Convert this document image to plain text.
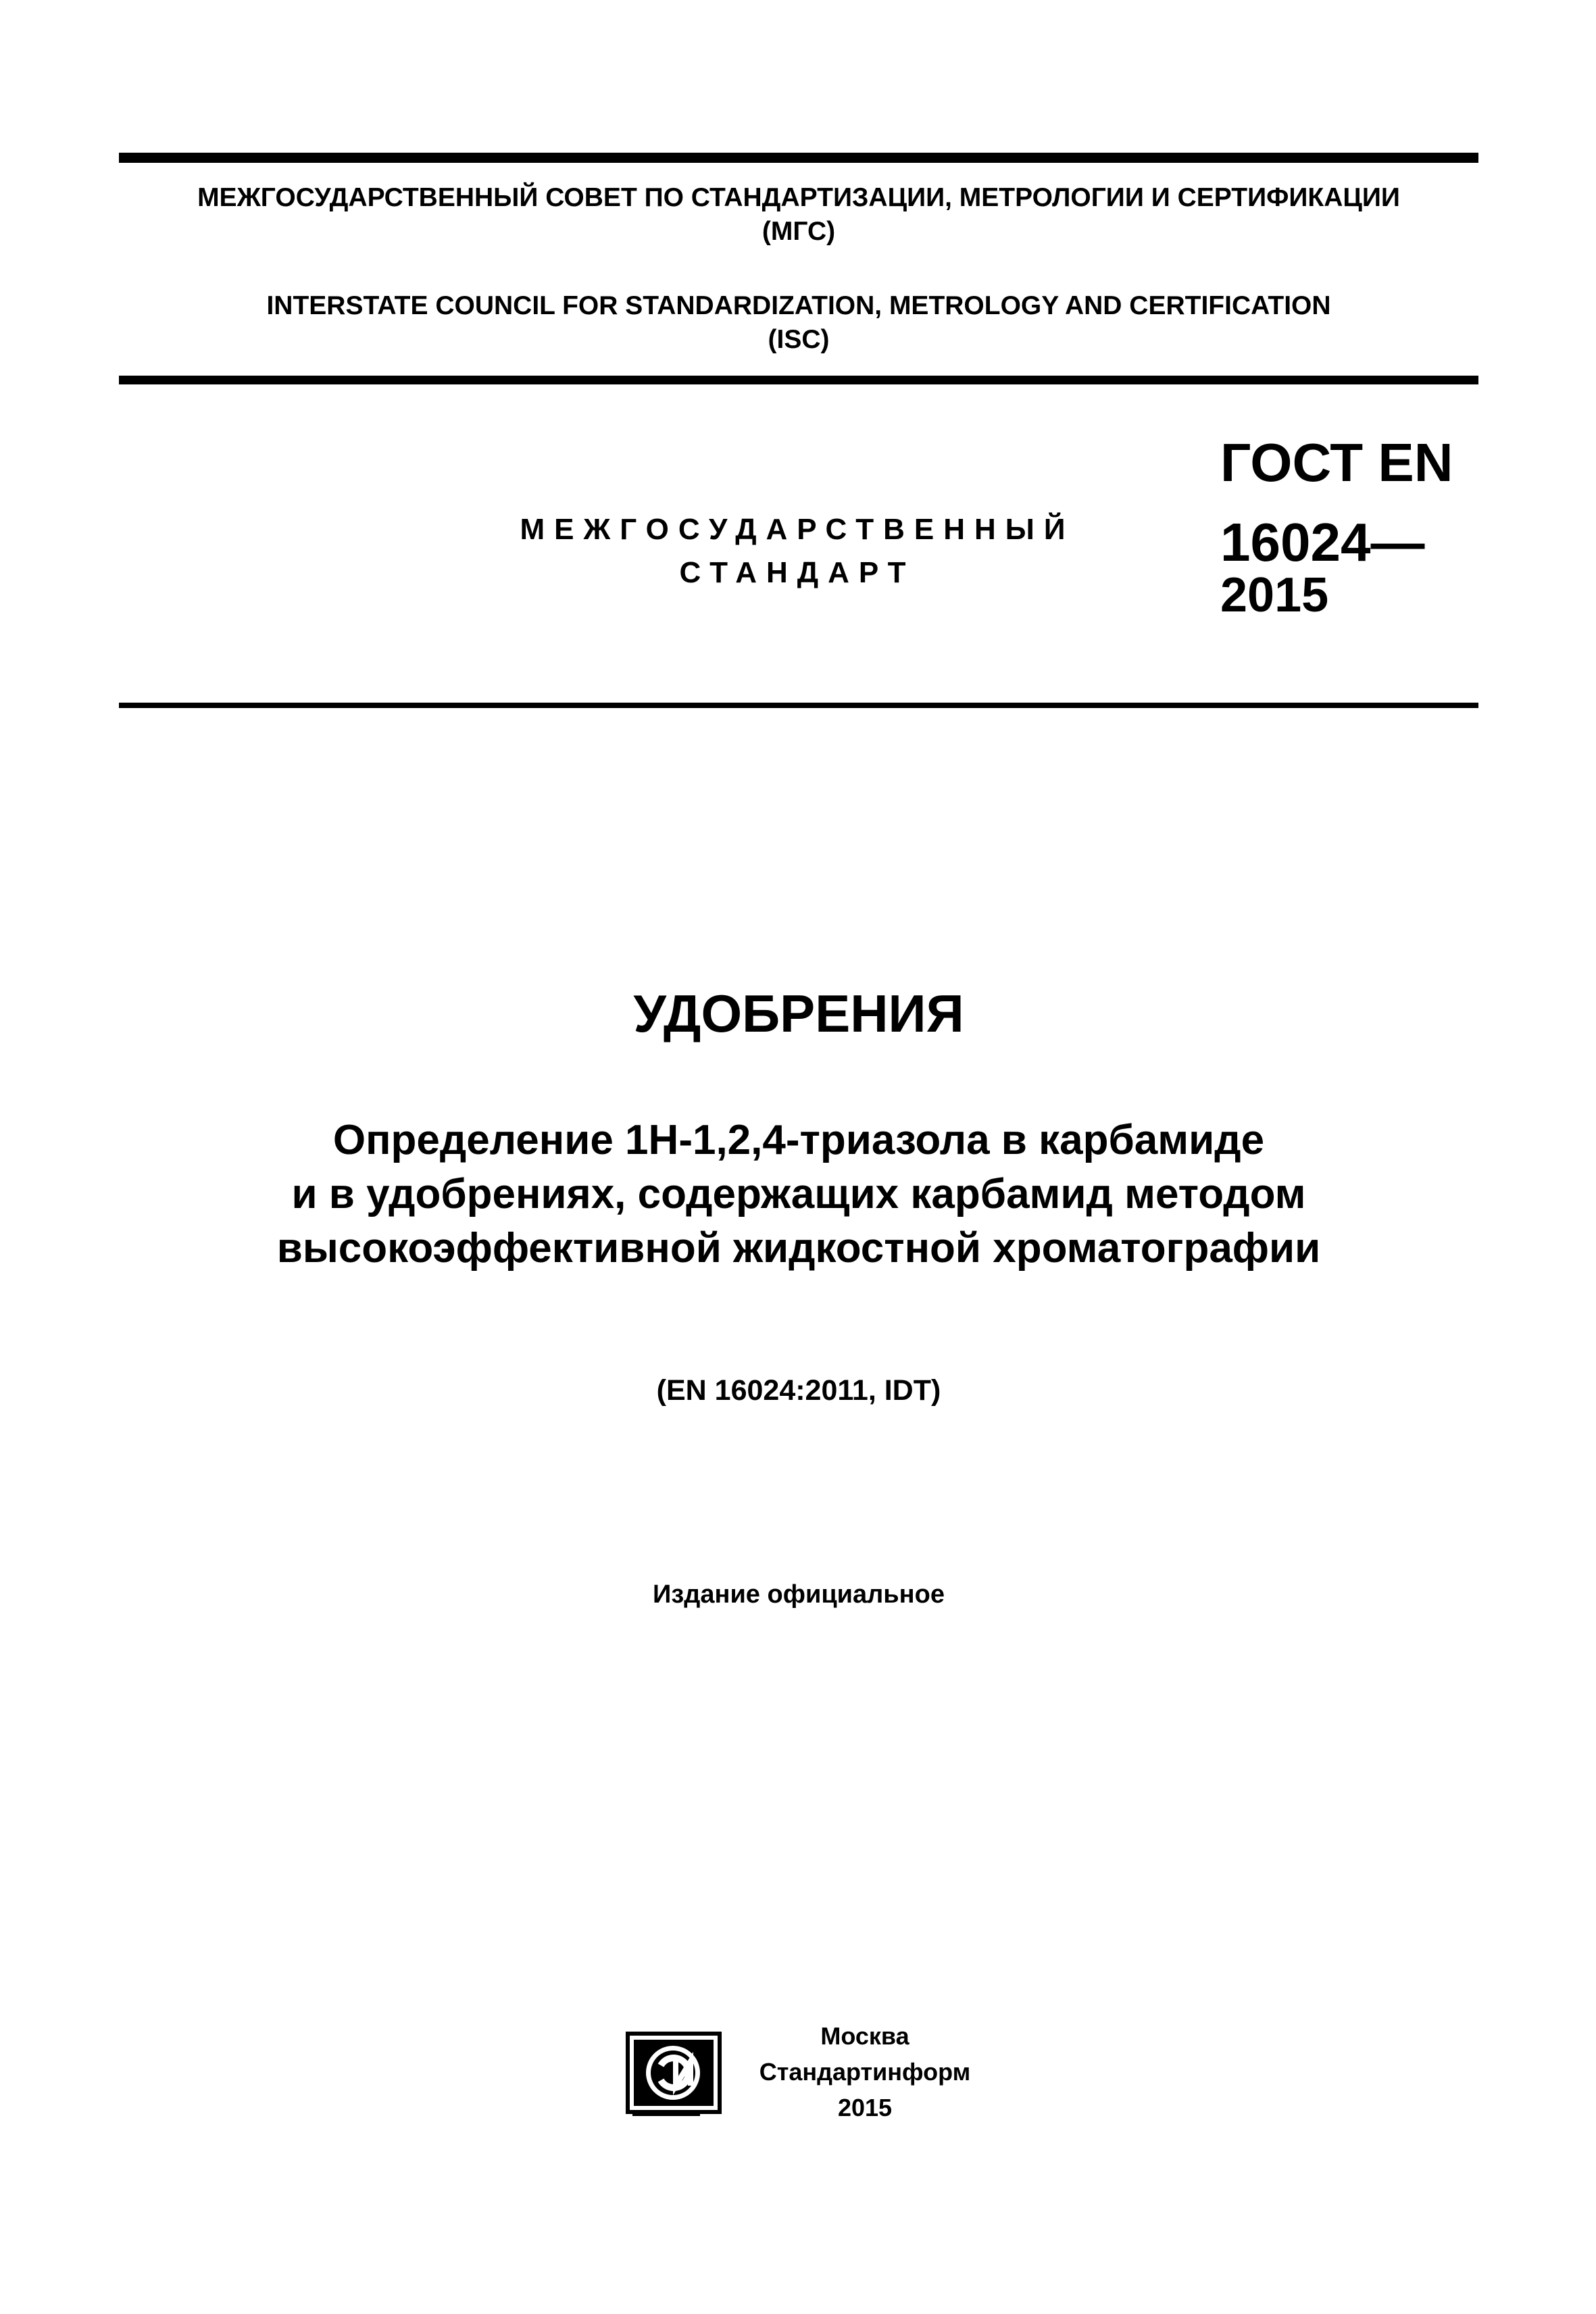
МЕЖГОСУДАРСТВЕННЫЙ СОВЕТ ПО СТАНДАРТИЗАЦИИ, МЕТРОЛОГИИ И СЕРТИФИКАЦИИ
(МГС)
INTERSTATE COUNCIL FOR STANDARDIZATION, METROLOGY AND CERTIFICATION
(ISC)
МЕЖГОСУДАРСТВЕННЫЙ
СТАНДАРТ
ГОСТ EN
16024—
2015
УДОБРЕНИЯ
Определение 1Н-1,2,4-триазола в карбамиде
и в удобрениях, содержащих карбамид методом
высокоэффективной жидкостной хроматографии
(EN 16024:2011, IDT)
Издание официальное
Москва
Стандартинформ
2015
